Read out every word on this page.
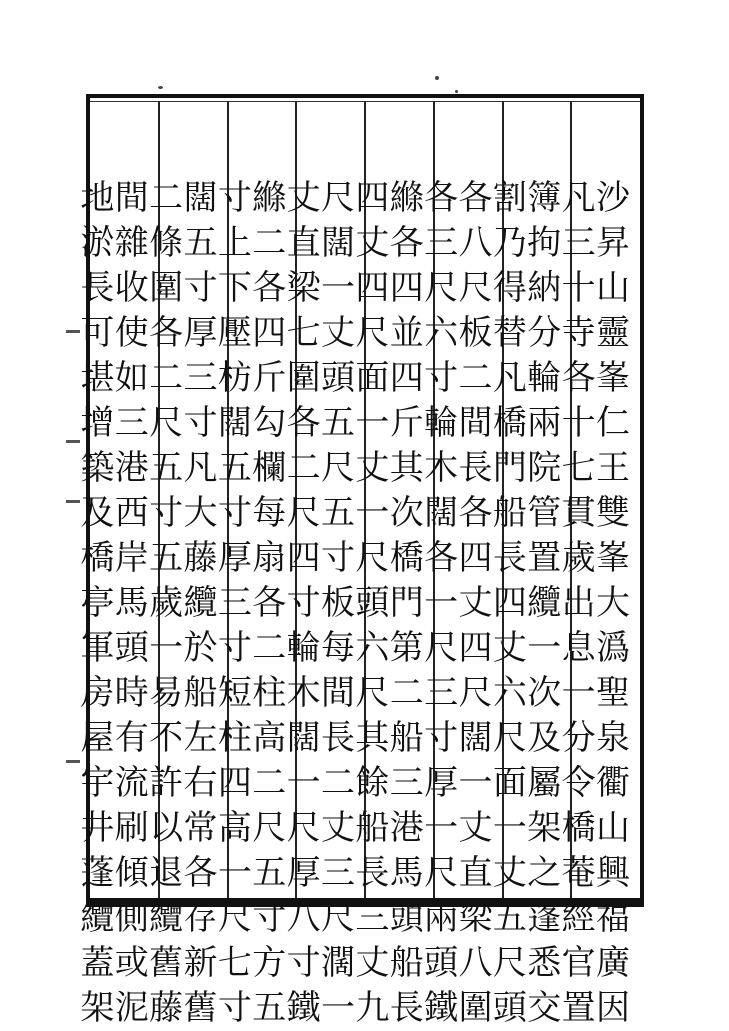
沙
昇
山
靈
峯
仁
王
雙
峯
大
潙
聖
泉
衢
山
興
福
廣
因
凡
三
十
寺
各
十
七
貫
歲
出
息
一
分
令
橋
菴
經
官
置
簿
拘
納
分
輪
兩
院
管
置
纜
一
次
及
屬
架
之
蓬
悉
交
割
乃
得
替
凡
橋
門
船
長
四
丈
六
尺
面
一
丈
五
尺
頭
各
八
尺
板
二
間
長
各
四
丈
四
尺
闊
一
丈
直
梁
八
圍
各
三
尺
六
寸
輪
木
闊
各
一
尺
三
寸
厚
一
尺
兩
頭
鐵
縧
各
四
並
四
斤
其
次
橋
門
第
二
船
三
港
馬
頭
船
長
四
丈
四
尺
面
一
丈
一
尺
頭
六
尺
其
餘
船
長
三
丈
九
尺
闊
一
丈
頭
五
尺
五
寸
板
每
間
長
二
丈
三
尺
濶
一
丈
直
梁
七
圍
各
二
尺
四
寸
輪
木
闊
一
尺
厚
八
寸
鐵
縧
二
各
四
斤
勾
欄
每
扇
各
二
柱
高
二
尺
五
寸
方
五
寸
上
下
壓
枋
闊
五
寸
厚
三
寸
短
柱
四
高
一
尺
七
寸
闊
五
寸
厚
三
寸
凡
大
藤
纜
於
船
左
右
常
各
存
新
舊
二
條
圍
各
二
尺
五
寸
五
歲
一
易
不
許
以
退
纜
舊
藤
間
雜
收
使
如
三
港
西
岸
馬
頭
時
有
流
刷
傾
側
或
泥
地
淤
長
可
堪
增
築
及
橋
亭
軍
房
屋
宇
井
蓬
纜
蓋
架
